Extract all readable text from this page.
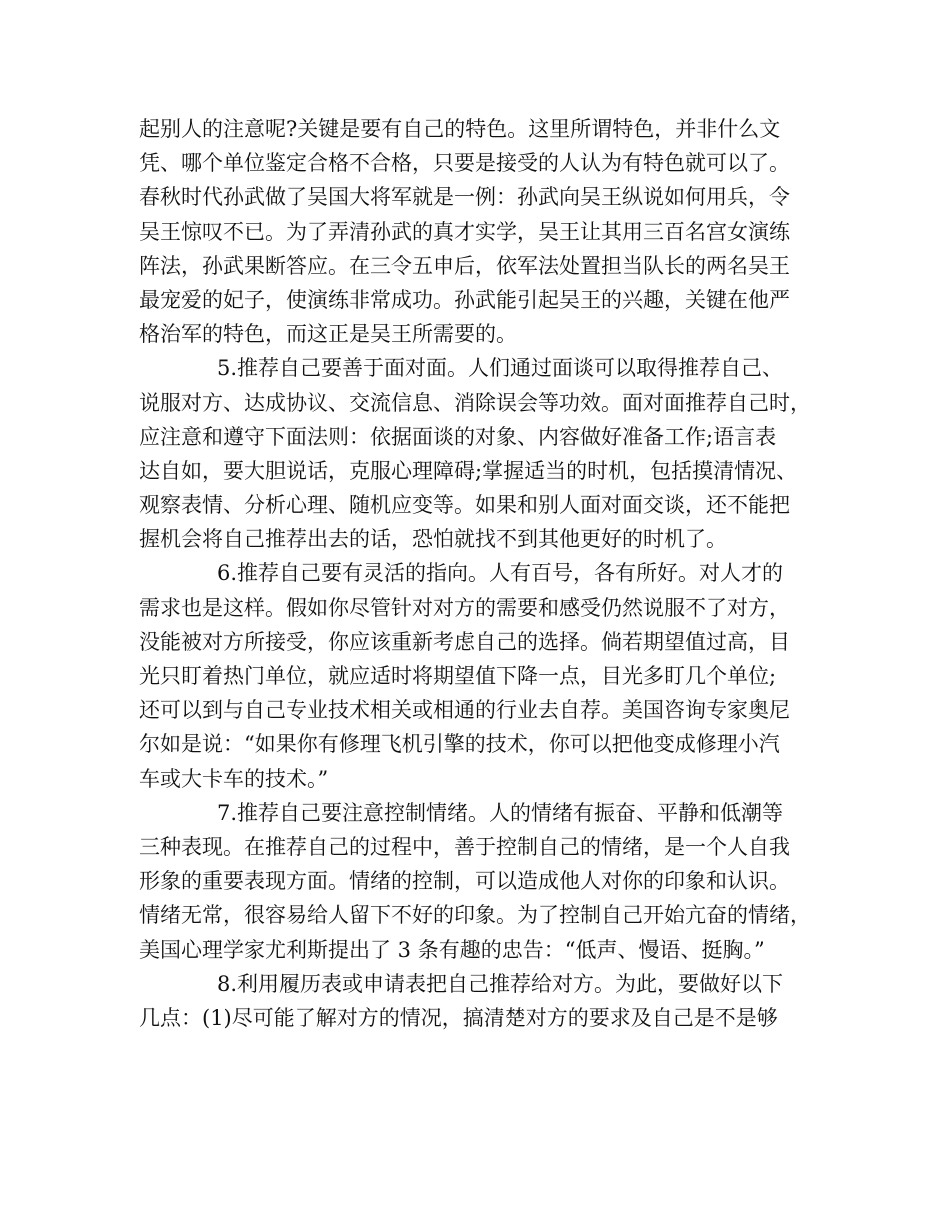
起别人的注意呢?关键是要有自己的特色。这里所谓特色，并非什么文
凭、哪个单位鉴定合格不合格，只要是接受的人认为有特色就可以了。
春秋时代孙武做了吴国大将军就是一例：孙武向吴王纵说如何用兵，令
吴王惊叹不已。为了弄清孙武的真才实学，吴王让其用三百名宫女演练
阵法，孙武果断答应。在三令五申后，依军法处置担当队长的两名吴王
最宠爱的妃子，使演练非常成功。孙武能引起吴王的兴趣，关键在他严
格治军的特色，而这正是吴王所需要的。
5.推荐自己要善于面对面。人们通过面谈可以取得推荐自己、
说服对方、达成协议、交流信息、消除误会等功效。面对面推荐自己时，
应注意和遵守下面法则：依据面谈的对象、内容做好准备工作;语言表
达自如，要大胆说话，克服心理障碍;掌握适当的时机，包括摸清情况、
观察表情、分析心理、随机应变等。如果和别人面对面交谈，还不能把
握机会将自己推荐出去的话，恐怕就找不到其他更好的时机了。
6.推荐自己要有灵活的指向。人有百号，各有所好。对人才的
需求也是这样。假如你尽管针对对方的需要和感受仍然说服不了对方，
没能被对方所接受，你应该重新考虑自己的选择。倘若期望值过高，目
光只盯着热门单位，就应适时将期望值下降一点，目光多盯几个单位;
还可以到与自己专业技术相关或相通的行业去自荐。美国咨询专家奥尼
尔如是说：“如果你有修理飞机引擎的技术，你可以把他变成修理小汽
车或大卡车的技术。”
7.推荐自己要注意控制情绪。人的情绪有振奋、平静和低潮等
三种表现。在推荐自己的过程中，善于控制自己的情绪，是一个人自我
形象的重要表现方面。情绪的控制，可以造成他人对你的印象和认识。
情绪无常，很容易给人留下不好的印象。为了控制自己开始亢奋的情绪，
美国心理学家尤利斯提出了 3 条有趣的忠告：“低声、慢语、挺胸。”
8.利用履历表或申请表把自己推荐给对方。为此，要做好以下
几点：(1)尽可能了解对方的情况，搞清楚对方的要求及自己是不是够
